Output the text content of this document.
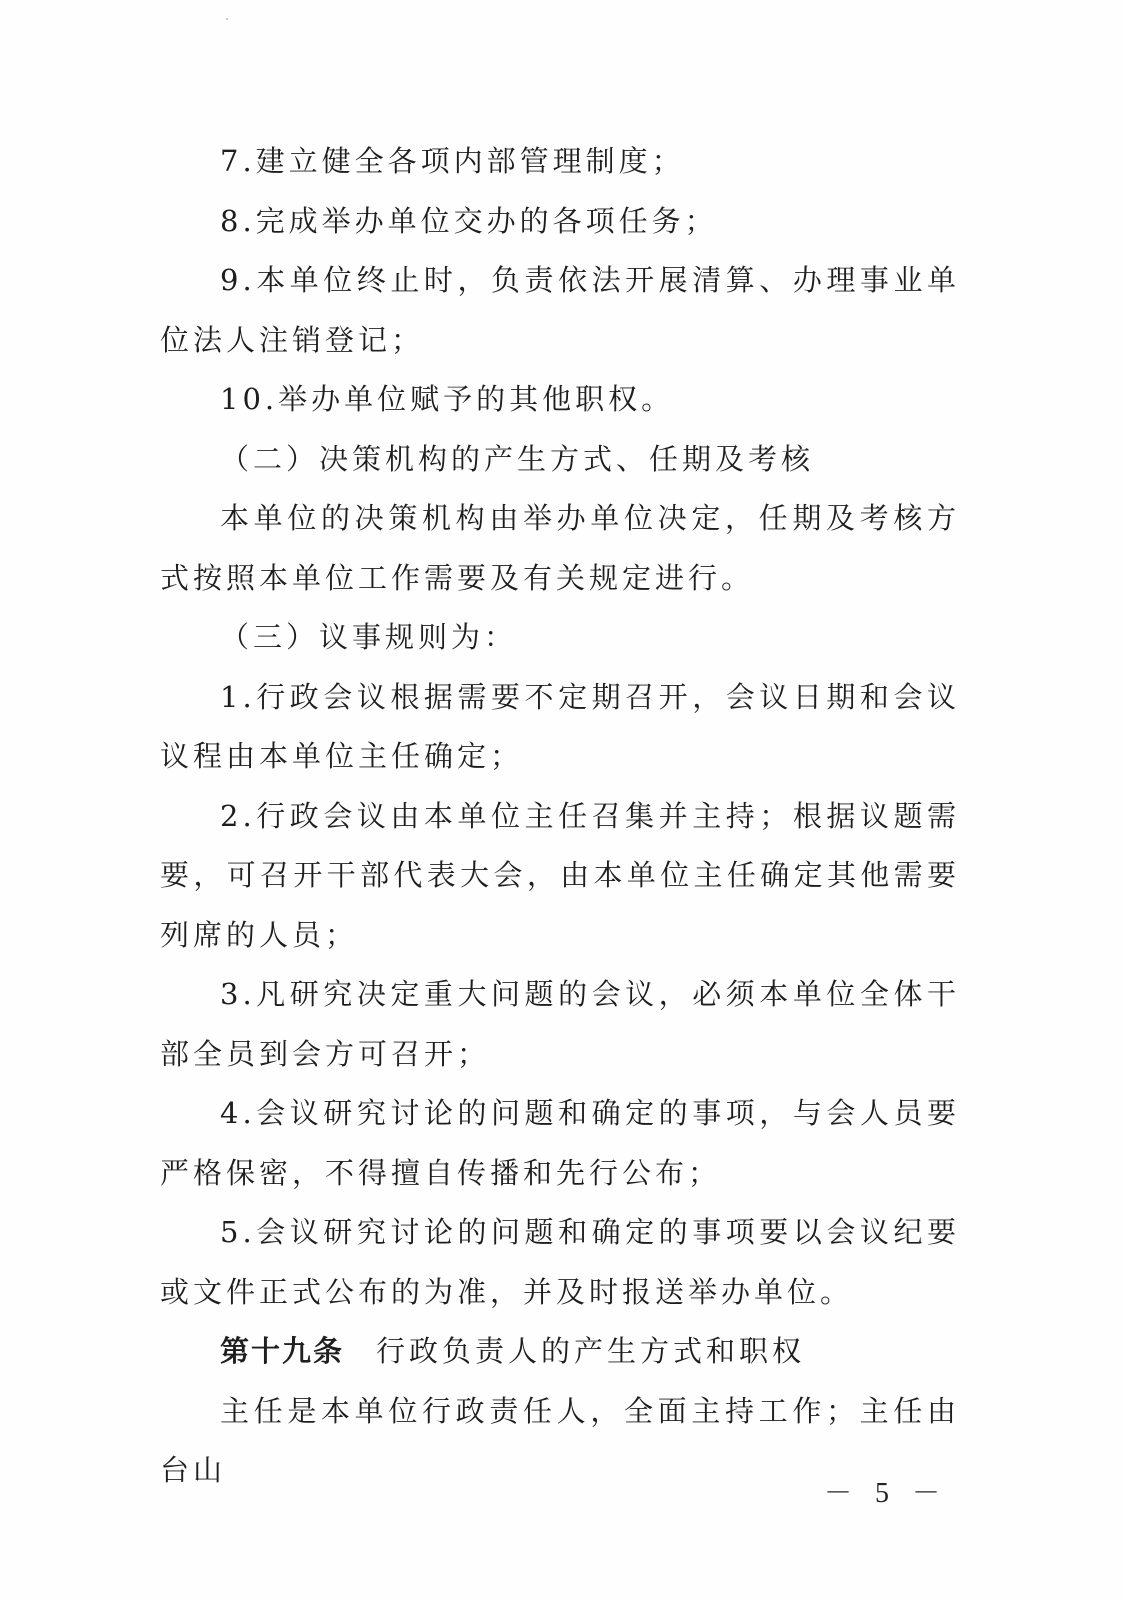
7.建立健全各项内部管理制度；

8.完成举办单位交办的各项任务；

9.本单位终止时，负责依法开展清算、办理事业单位法人注销登记；

10.举办单位赋予的其他职权。

（二）决策机构的产生方式、任期及考核

本单位的决策机构由举办单位决定，任期及考核方式按照本单位工作需要及有关规定进行。

（三）议事规则为：

1.行政会议根据需要不定期召开，会议日期和会议议程由本单位主任确定；

2.行政会议由本单位主任召集并主持；根据议题需要，可召开干部代表大会，由本单位主任确定其他需要列席的人员；

3.凡研究决定重大问题的会议，必须本单位全体干部全员到会方可召开；

4.会议研究讨论的问题和确定的事项，与会人员要严格保密，不得擅自传播和先行公布；

5.会议研究讨论的问题和确定的事项要以会议纪要或文件正式公布的为准，并及时报送举办单位。

第十九条 行政负责人的产生方式和职权

主任是本单位行政责任人，全面主持工作；主任由台山

－ 5 －
